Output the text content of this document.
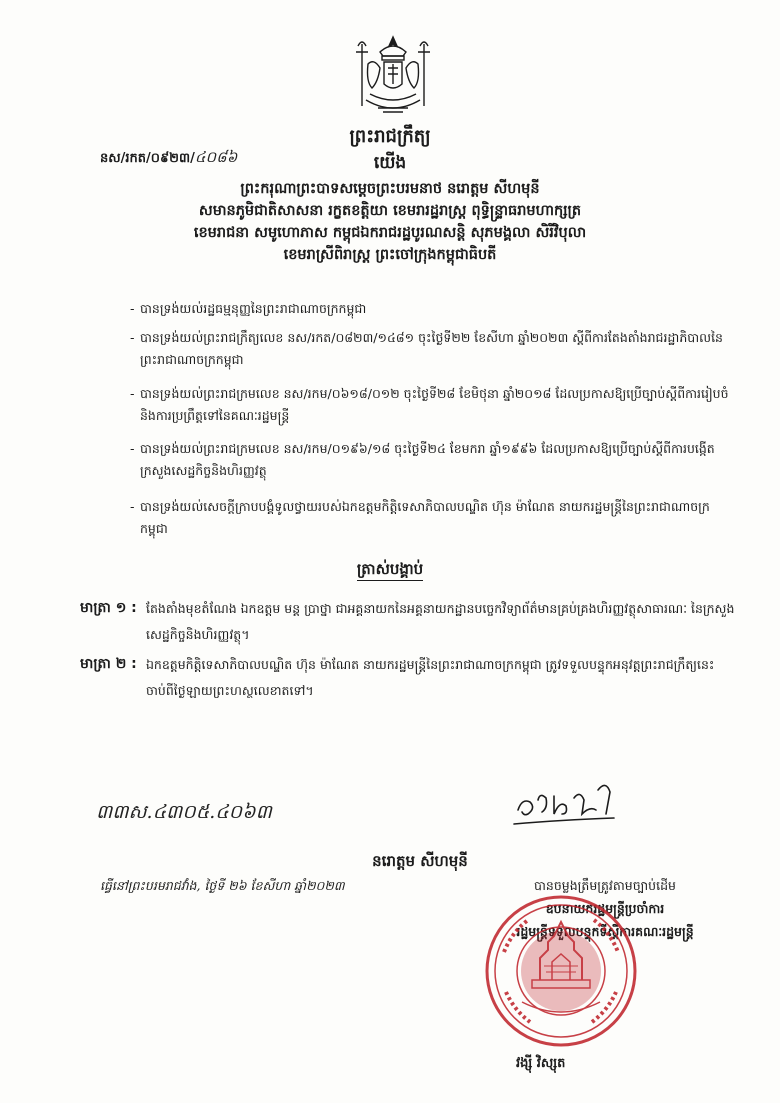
ព្រះរាជក្រឹត្យ
នស/រកត/០៩២៣/៤០៨៦	យើង
ព្រះករុណាព្រះបាទសម្ដេចព្រះបរមនាថ នរោត្តម សីហមុនី
សមានភូមិជាតិសាសនា រក្ខតខត្តិយា ខេមរារដ្ឋរាស្ត្រ ពុទ្ធិន្ទ្រាធរាមហាក្សត្រ
ខេមរាជនា សមូហោភាស កម្ពុជឯករាជរដ្ឋបូរណសន្តិ សុភមង្គលា សិរីវិបុលា
ខេមរាស្រីពិរាស្ត្រ ព្រះចៅក្រុងកម្ពុជាធិបតី
- បានទ្រង់យល់រដ្ឋធម្មនុញ្ញនៃព្រះរាជាណាចក្រកម្ពុជា
- បានទ្រង់យល់ព្រះរាជក្រឹត្យលេខ នស/រកត/០៨២៣/១៤៨១ ចុះថ្ងៃទី២២ ខែសីហា ឆ្នាំ២០២៣ ស្ដីពីការតែងតាំងរាជរដ្ឋាភិបាលនៃព្រះរាជាណាចក្រកម្ពុជា
- បានទ្រង់យល់ព្រះរាជក្រមលេខ នស/រកម/០៦១៨/០១២ ចុះថ្ងៃទី២៨ ខែមិថុនា ឆ្នាំ២០១៨ ដែលប្រកាសឱ្យប្រើច្បាប់ស្ដីពីការរៀបចំនិងការប្រព្រឹត្តទៅនៃគណៈរដ្ឋមន្ត្រី
- បានទ្រង់យល់ព្រះរាជក្រមលេខ នស/រកម/០១៩៦/១៨ ចុះថ្ងៃទី២៤ ខែមករា ឆ្នាំ១៩៩៦ ដែលប្រកាសឱ្យប្រើច្បាប់ស្ដីពីការបង្កើតក្រសួងសេដ្ឋកិច្ចនិងហិរញ្ញវត្ថុ
- បានទ្រង់យល់សេចក្ដីក្រាបបង្គំទូលថ្វាយរបស់ឯកឧត្តមកិត្តិទេសាភិបាលបណ្ឌិត ហ៊ុន ម៉ាណែត នាយករដ្ឋមន្ត្រីនៃព្រះរាជាណាចក្រកម្ពុជា
ត្រាស់បង្គាប់
មាត្រា ១ : តែងតាំងមុខតំណែង ឯកឧត្តម មន្ត ប្រាថ្នា ជាអគ្គនាយកនៃអគ្គនាយកដ្ឋានបច្ចេកវិទ្យាព័ត៌មានគ្រប់គ្រងហិរញ្ញវត្ថុសាធារណៈ នៃក្រសួងសេដ្ឋកិច្ចនិងហិរញ្ញវត្ថុ។
មាត្រា ២ : ឯកឧត្តមកិត្តិទេសាភិបាលបណ្ឌិត ហ៊ុន ម៉ាណែត នាយករដ្ឋមន្ត្រីនៃព្រះរាជាណាចក្រកម្ពុជា ត្រូវទទួលបន្ទុកអនុវត្តព្រះរាជក្រឹត្យនេះ ចាប់ពីថ្ងៃឡាយព្រះហស្ថលេខាតទៅ។
៣៣ស.៤៣០៥.៤០៦៣
នរោត្តម សីហមុនី
ធ្វើនៅព្រះបរមរាជវាំង, ថ្ងៃទី ២៦ ខែសីហា ឆ្នាំ២០២៣	បានចម្លងត្រឹមត្រូវតាមច្បាប់ដើម
ឧបនាយករដ្ឋមន្ត្រីប្រចាំការ
រដ្ឋមន្ត្រីទទួលបន្ទុកទីស្ដីការគណៈរដ្ឋមន្ត្រី
វង្ស៊ី វិស្សុត
